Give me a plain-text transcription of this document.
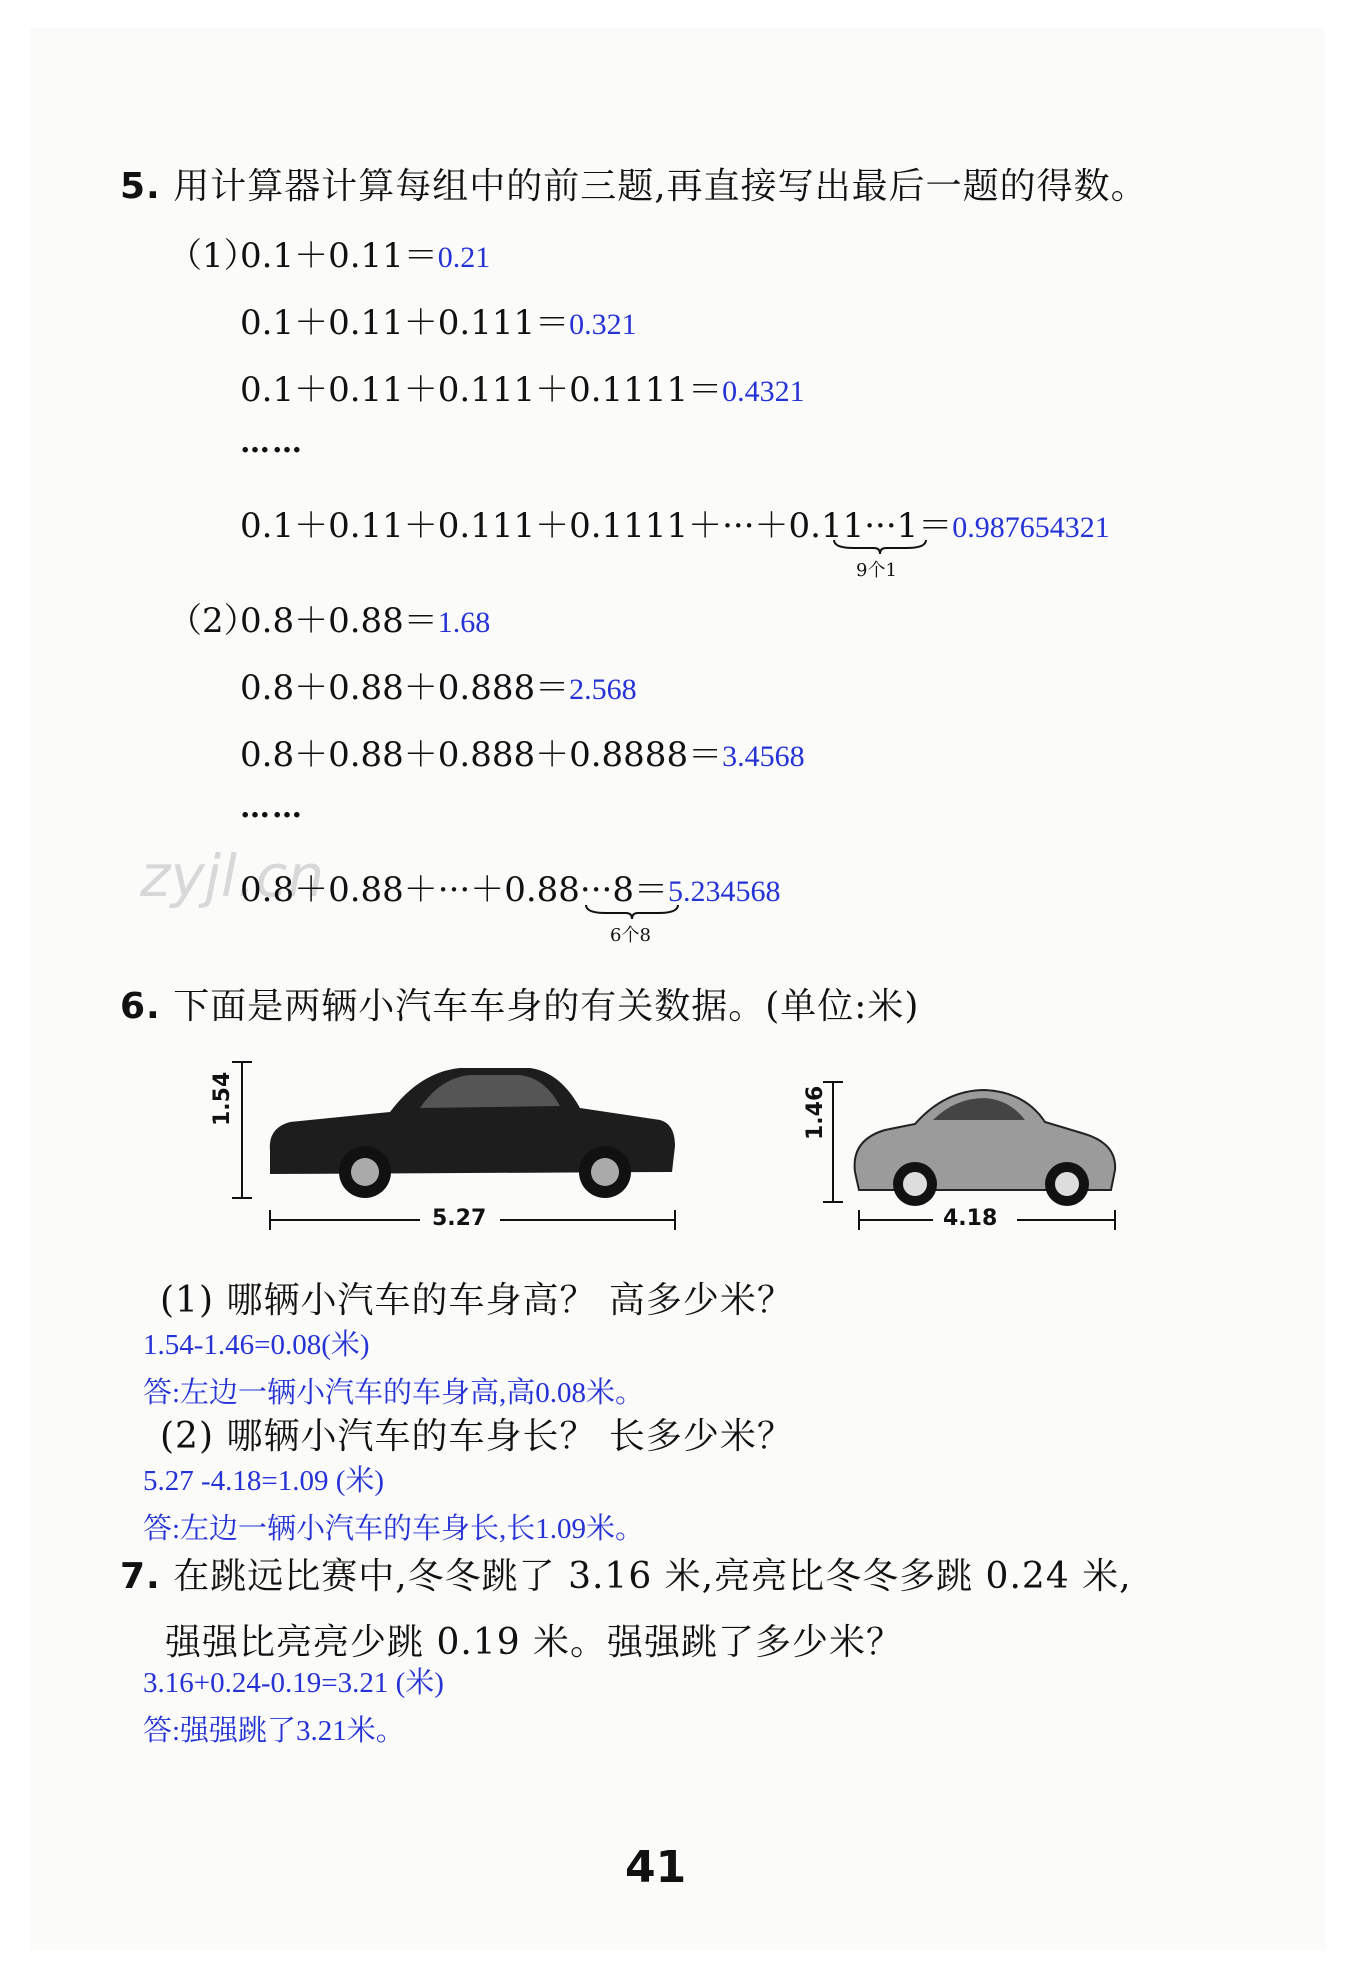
5. 用计算器计算每组中的前三题,再直接写出最后一题的得数。
（1）
0.1＋0.11＝0.21
0.1＋0.11＋0.111＝0.321
0.1＋0.11＋0.111＋0.1111＝0.4321
……
0.1＋0.11＋0.111＋0.1111＋···＋0.11···1＝0.987654321
9个1
（2）
0.8＋0.88＝1.68
0.8＋0.88＋0.888＝2.568
0.8＋0.88＋0.888＋0.8888＝3.4568
……
zyjl.cn
0.8＋0.88＋···＋0.88···8＝5.234568
6个8
6. 下面是两辆小汽车车身的有关数据。(单位:米)
1.54
5.27
1.46
4.18
(1) 哪辆小汽车的车身高？ 高多少米？
1.54-1.46=0.08(米)
答:左边一辆小汽车的车身高,高0.08米。
(2) 哪辆小汽车的车身长？ 长多少米？
5.27 -4.18=1.09 (米)
答:左边一辆小汽车的车身长,长1.09米。
7. 在跳远比赛中,冬冬跳了 3.16 米,亮亮比冬冬多跳 0.24 米,
强强比亮亮少跳 0.19 米。强强跳了多少米？
3.16+0.24-0.19=3.21 (米)
答:强强跳了3.21米。
41
